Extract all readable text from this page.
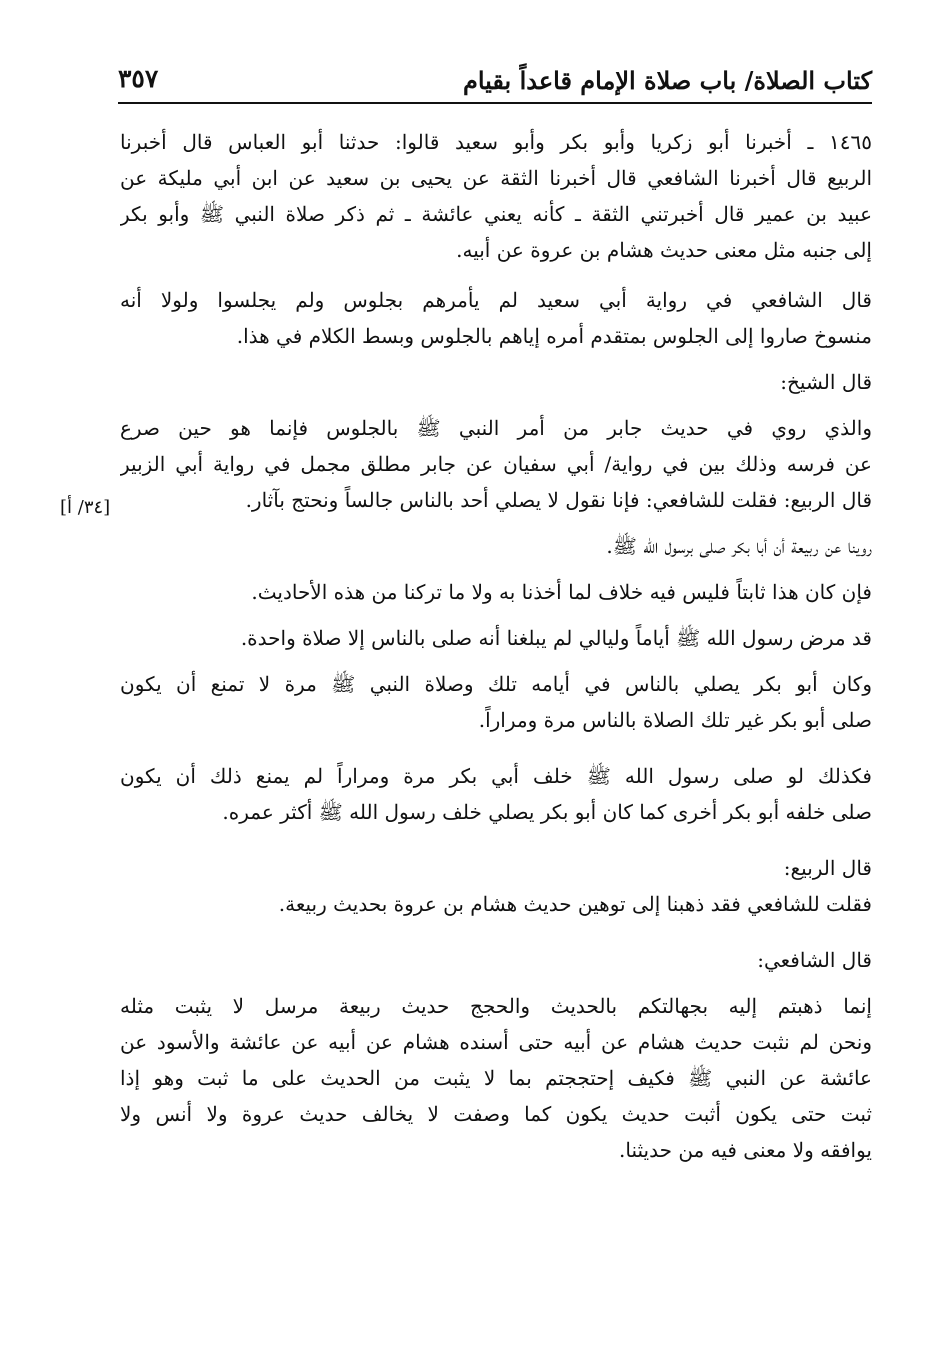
كتاب الصلاة/ باب صلاة الإمام قاعداً بقيام
٣٥٧
[٣٤/ أ]

١٤٦٥ ـ أخبرنا أبو زكريا وأبو بكر وأبو سعيد قالوا: حدثنا أبو العباس قال أخبرنا
الربيع قال أخبرنا الشافعي قال أخبرنا الثقة عن يحيى بن سعيد عن ابن أبي مليكة عن
عبيد بن عمير قال أخبرتني الثقة ـ كأنه يعني عائشة ـ ثم ذكر صلاة النبي ﷺ وأبو بكر
إلى جنبه مثل معنى حديث هشام بن عروة عن أبيه.

قال الشافعي في رواية أبي سعيد لم يأمرهم بجلوس ولم يجلسوا ولولا أنه
منسوخ صاروا إلى الجلوس بمتقدم أمره إياهم بالجلوس وبسط الكلام في هذا.

قال الشيخ:

والذي روي في حديث جابر من أمر النبي ﷺ بالجلوس فإنما هو حين صرع
عن فرسه وذلك بين في رواية/ أبي سفيان عن جابر مطلق مجمل في رواية أبي الزبير
قال الربيع: فقلت للشافعي: فإنا نقول لا يصلي أحد بالناس جالساً ونحتج بآثار.

روينا عن ربيعة أن أبا بكر صلى برسول الله ﷺ.

فإن كان هذا ثابتاً فليس فيه خلاف لما أخذنا به ولا ما تركنا من هذه الأحاديث.

قد مرض رسول الله ﷺ أياماً وليالي لم يبلغنا أنه صلى بالناس إلا صلاة واحدة.

وكان أبو بكر يصلي بالناس في أيامه تلك وصلاة النبي ﷺ مرة لا تمنع أن يكون
صلى أبو بكر غير تلك الصلاة بالناس مرة ومراراً.

فكذلك لو صلى رسول الله ﷺ خلف أبي بكر مرة ومراراً لم يمنع ذلك أن يكون
صلى خلفه أبو بكر أخرى كما كان أبو بكر يصلي خلف رسول الله ﷺ أكثر عمره.

قال الربيع:
فقلت للشافعي فقد ذهبنا إلى توهين حديث هشام بن عروة بحديث ربيعة.

قال الشافعي:

إنما ذهبتم إليه بجهالتكم بالحديث والحجج حديث ربيعة مرسل لا يثبت مثله
ونحن لم نثبت حديث هشام عن أبيه حتى أسنده هشام عن أبيه عن عائشة والأسود عن
عائشة عن النبي ﷺ فكيف إحتججتم بما لا يثبت من الحديث على ما ثبت وهو إذا
ثبت حتى يكون أثبت حديث يكون كما وصفت لا يخالف حديث عروة ولا أنس ولا
يوافقه ولا معنى فيه من حديثنا.
